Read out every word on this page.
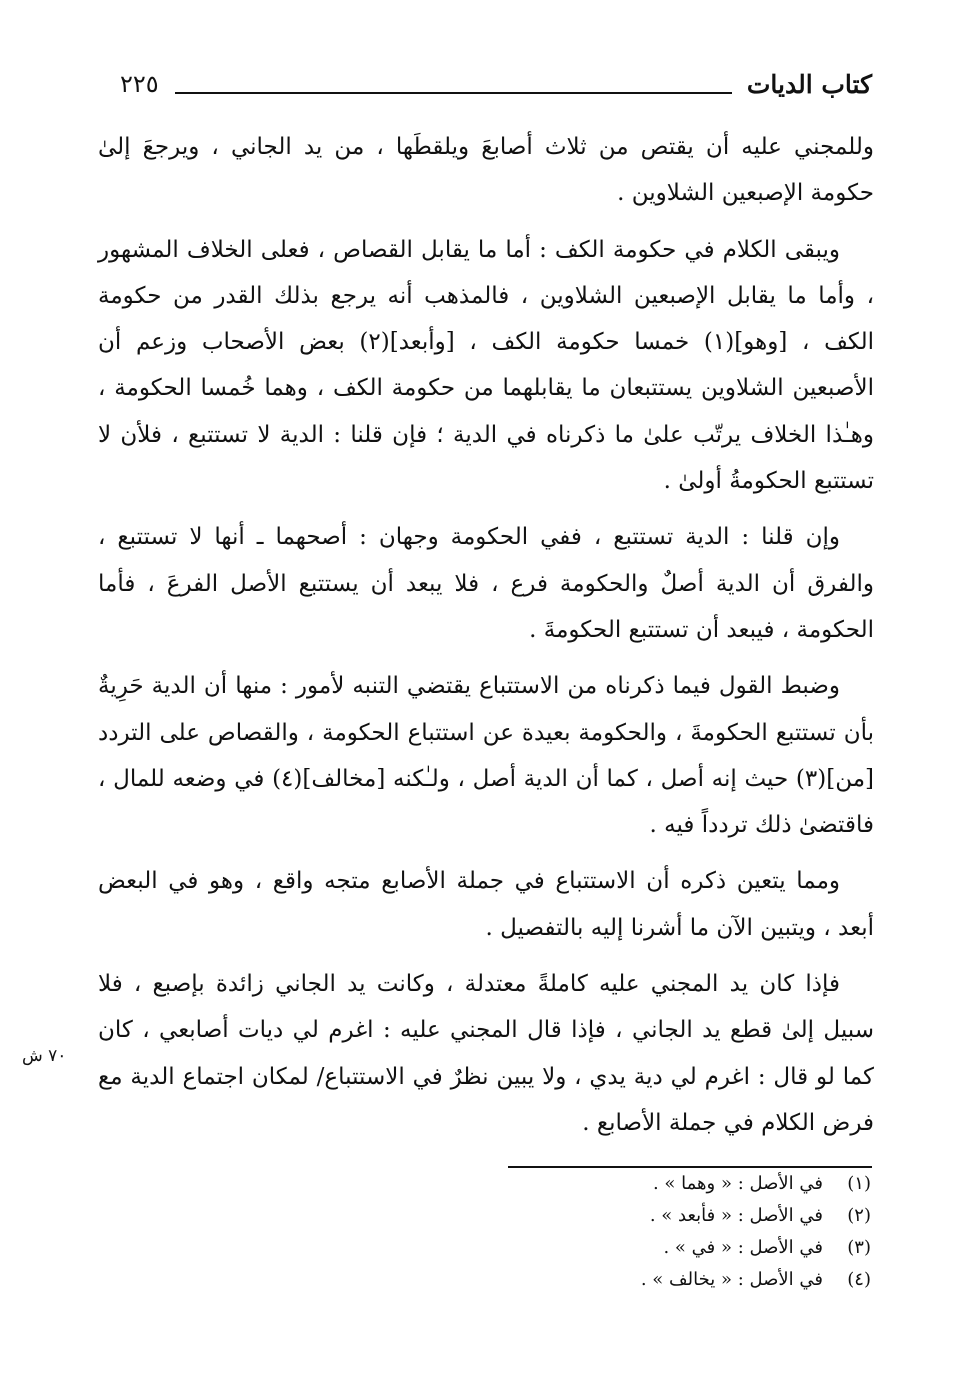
كتاب الديات
٢٢٥

وللمجني عليه أن يقتص من ثلاث أصابعَ ويلقطَها ، من يد الجاني ، ويرجعَ إلىٰ حكومة الإصبعين الشلاوين .

ويبقى الكلام في حكومة الكف : أما ما يقابل القصاص ، فعلى الخلاف المشهور ، وأما ما يقابل الإصبعين الشلاوين ، فالمذهب أنه يرجع بذلك القدر من حكومة الكف ، [وهو](١) خمسا حكومة الكف ، [وأبعد](٢) بعض الأصحاب وزعم أن الأصبعين الشلاوين يستتبعان ما يقابلهما من حكومة الكف ، وهما خُمسا الحكومة ، وهـٰذا الخلاف يرتّب علىٰ ما ذكرناه في الدية ؛ فإن قلنا : الدية لا تستتبع ، فلأن لا تستتبع الحكومةُ أولىٰ .

وإن قلنا : الدية تستتبع ، ففي الحكومة وجهان : أصحهما ـ أنها لا تستتبع ، والفرق أن الدية أصلٌ والحكومة فرع ، فلا يبعد أن يستتبع الأصل الفرعَ ، فأما الحكومة ، فيبعد أن تستتبع الحكومةَ .

وضبط القول فيما ذكرناه من الاستتباع يقتضي التنبه لأمور : منها أن الدية حَرِيةٌ بأن تستتبع الحكومةَ ، والحكومة بعيدة عن استتباع الحكومة ، والقصاص على التردد [من](٣) حيث إنه أصل ، كما أن الدية أصل ، ولـٰكنه [مخالف](٤) في وضعه للمال ، فاقتضىٰ ذلك تردداً فيه .

ومما يتعين ذكره أن الاستتباع في جملة الأصابع متجه واقع ، وهو في البعض أبعد ، ويتبين الآن ما أشرنا إليه بالتفصيل .

فإذا كان يد المجني عليه كاملةً معتدلة ، وكانت يد الجاني زائدة بإصبع ، فلا سبيل إلىٰ قطع يد الجاني ، فإذا قال المجني عليه : اغرم لي ديات أصابعي ، كان كما لو قال : اغرم لي دية يدي ، ولا يبين نظرٌ في الاستتباع/ لمكان اجتماع الدية مع فرض الكلام في جملة الأصابع .

٧٠ ش
(١)في الأصل : « وهما » .
(٢)في الأصل : « فأبعد » .
(٣)في الأصل : « في » .
(٤)في الأصل : « يخالف » .
